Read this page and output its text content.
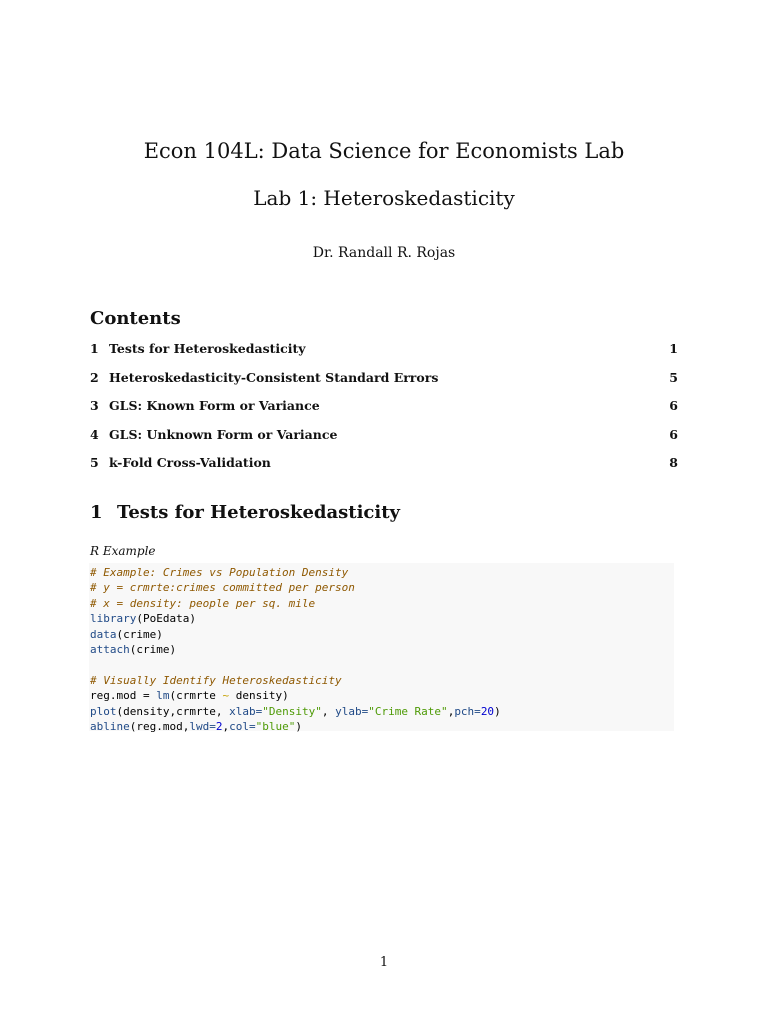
Econ 104L: Data Science for Economists Lab
Lab 1: Heteroskedasticity
Dr. Randall R. Rojas
Contents
1 Tests for Heteroskedasticity	1
2 Heteroskedasticity-Consistent Standard Errors	5
3 GLS: Known Form or Variance	6
4 GLS: Unknown Form or Variance	6
5 k-Fold Cross-Validation	8
1 Tests for Heteroskedasticity
R Example
# Example: Crimes vs Population Density
# y = crmrte:crimes committed per person
# x = density: people per sq. mile
library(PoEdata)
data(crime)
attach(crime)
# Visually Identify Heteroskedasticity
reg.mod = lm(crmrte ~ density)
plot(density,crmrte, xlab="Density", ylab="Crime Rate",pch=20)
abline(reg.mod,lwd=2,col="blue")
1
